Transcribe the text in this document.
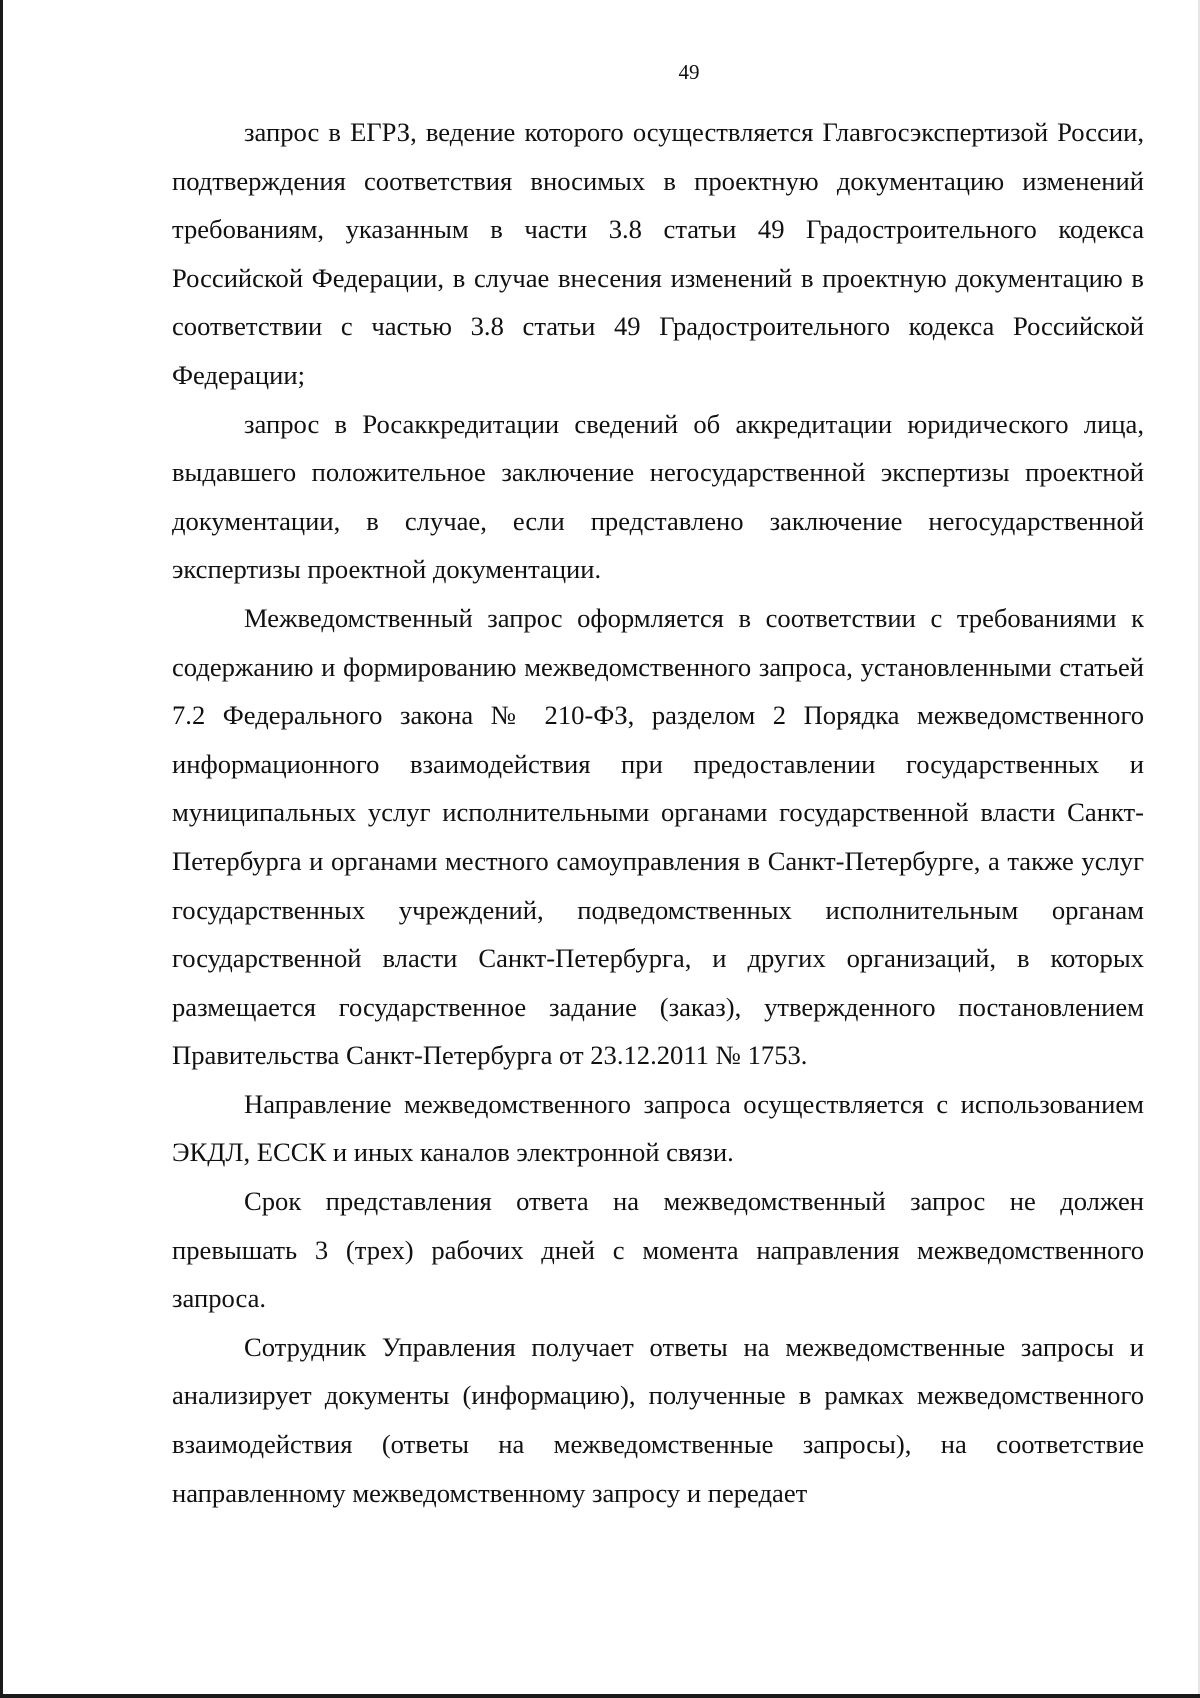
49

запрос в ЕГРЗ, ведение которого осуществляется Главгосэкспертизой России, подтверждения соответствия вносимых в проектную документацию изменений требованиям, указанным в части 3.8 статьи 49 Градостроительного кодекса Российской Федерации, в случае внесения изменений в проектную документацию в соответствии с частью 3.8 статьи 49 Градостроительного кодекса Российской Федерации;

запрос в Росаккредитации сведений об аккредитации юридического лица, выдавшего положительное заключение негосударственной экспертизы проектной документации, в случае, если представлено заключение негосударственной экспертизы проектной документации.

Межведомственный запрос оформляется в соответствии с требованиями к содержанию и формированию межведомственного запроса, установленными статьей 7.2 Федерального закона № 210-ФЗ, разделом 2 Порядка межведомственного информационного взаимодействия при предоставлении государственных и муниципальных услуг исполнительными органами государственной власти Санкт-Петербурга и органами местного самоуправления в Санкт-Петербурге, а также услуг государственных учреждений, подведомственных исполнительным органам государственной власти Санкт-Петербурга, и других организаций, в которых размещается государственное задание (заказ), утвержденного постановлением Правительства Санкт-Петербурга от 23.12.2011 № 1753.

Направление межведомственного запроса осуществляется с использованием ЭКДЛ, ЕССК и иных каналов электронной связи.

Срок представления ответа на межведомственный запрос не должен превышать 3 (трех) рабочих дней с момента направления межведомственного запроса.

Сотрудник Управления получает ответы на межведомственные запросы и анализирует документы (информацию), полученные в рамках межведомственного взаимодействия (ответы на межведомственные запросы), на соответствие направленному межведомственному запросу и передает
